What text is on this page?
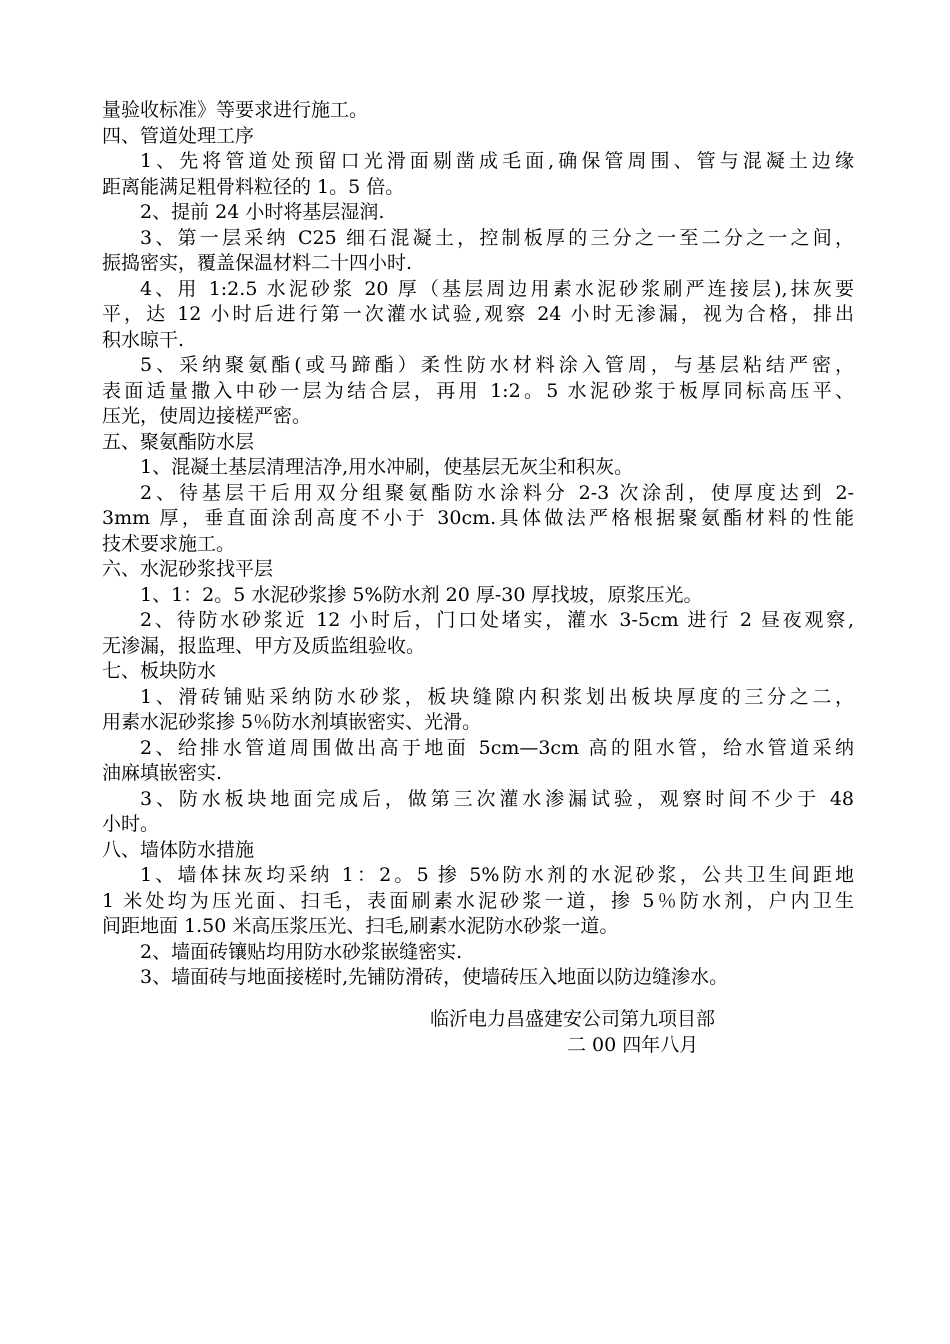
量验收标准》等要求进行施工。
四、管道处理工序
1、先将管道处预留口光滑面剔凿成毛面,确保管周围、管与混凝土边缘
距离能满足粗骨料粒径的 1。5 倍。
2、提前 24 小时将基层湿润.
3、第一层采纳 C25 细石混凝土，控制板厚的三分之一至二分之一之间，
振捣密实，覆盖保温材料二十四小时.
4、用 1:2.5 水泥砂浆 20 厚（基层周边用素水泥砂浆刷严连接层),抹灰要
平，达 12 小时后进行第一次灌水试验,观察 24 小时无渗漏，视为合格，排出
积水晾干.
5、采纳聚氨酯(或马蹄酯）柔性防水材料涂入管周，与基层粘结严密，
表面适量撒入中砂一层为结合层，再用 1:2。5 水泥砂浆于板厚同标高压平、
压光，使周边接槎严密。
五、聚氨酯防水层
1、混凝土基层清理洁净,用水冲刷，使基层无灰尘和积灰。
2、待基层干后用双分组聚氨酯防水涂料分 2-3 次涂刮，使厚度达到 2-
3mm 厚，垂直面涂刮高度不小于 30cm.具体做法严格根据聚氨酯材料的性能
技术要求施工。
六、水泥砂浆找平层
1、1：2。5 水泥砂浆掺 5%防水剂 20 厚-30 厚找坡，原浆压光。
2、待防水砂浆近 12 小时后，门口处堵实，灌水 3-5cm 进行 2 昼夜观察,
无渗漏，报监理、甲方及质监组验收。
七、板块防水
1、滑砖铺贴采纳防水砂浆，板块缝隙内积浆划出板块厚度的三分之二，
用素水泥砂浆掺 5％防水剂填嵌密实、光滑。
2、给排水管道周围做出高于地面 5cm—3cm 高的阻水管，给水管道采纳
油麻填嵌密实.
3、防水板块地面完成后，做第三次灌水渗漏试验，观察时间不少于 48
小时。
八、墙体防水措施
1、墙体抹灰均采纳 1：2。5 掺 5%防水剂的水泥砂浆，公共卫生间距地
1 米处均为压光面、扫毛，表面刷素水泥砂浆一道，掺 5％防水剂，户内卫生
间距地面 1.50 米高压浆压光、扫毛,刷素水泥防水砂浆一道。
2、墙面砖镶贴均用防水砂浆嵌缝密实.
3、墙面砖与地面接槎时,先铺防滑砖，使墙砖压入地面以防边缝渗水。
临沂电力昌盛建安公司第九项目部
二 00 四年八月
